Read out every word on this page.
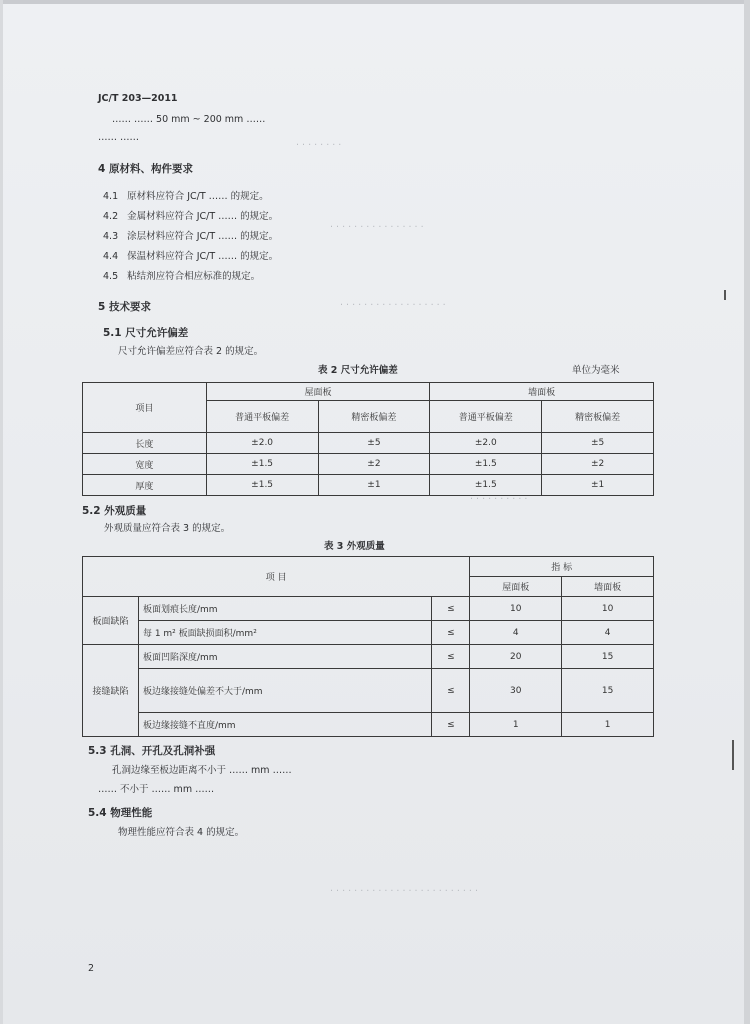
JC/T 203—2011
…… …… 50 mm ~ 200 mm ……
…… ……
· · · · · · · ·
· · · · · · · · · · · · · · · ·
· · · · · · · · · · · · · · · · · ·
· · · · · · · · · ·
· · · · · · · · · · · · · · · · · · · · · · · · ·
4 原材料、构件要求
4.1 原材料应符合 JC/T …… 的规定。
4.2 金属材料应符合 JC/T …… 的规定。
4.3 涂层材料应符合 JC/T …… 的规定。
4.4 保温材料应符合 JC/T …… 的规定。
4.5 粘结剂应符合相应标准的规定。
5 技术要求
5.1 尺寸允许偏差
尺寸允许偏差应符合表 2 的规定。
表 2 尺寸允许偏差	单位为毫米
项目	屋面板		墙面板	
	普通平板偏差	精密板偏差	普通平板偏差	精密板偏差
长度	±2.0	±5	±2.0	±5
宽度	±1.5	±2	±1.5	±2
厚度	±1.5	±1	±1.5	±1
5.2 外观质量
外观质量应符合表 3 的规定。
表 3 外观质量
项 目			指 标	
			屋面板	墙面板
板面缺陷	板面划痕长度/mm	≤	10	10
	每 1 m² 板面缺损面积/mm²	≤	4	4
接缝缺陷	板面凹陷深度/mm	≤	20	15
	板边缘接缝处偏差不大于/mm	≤	30	15
	板边缘接缝不直度/mm	≤	1	1
5.3 孔洞、开孔及孔洞补强
孔洞边缘至板边距离不小于 …… mm ……
…… 不小于 …… mm ……
5.4 物理性能
物理性能应符合表 4 的规定。
2
